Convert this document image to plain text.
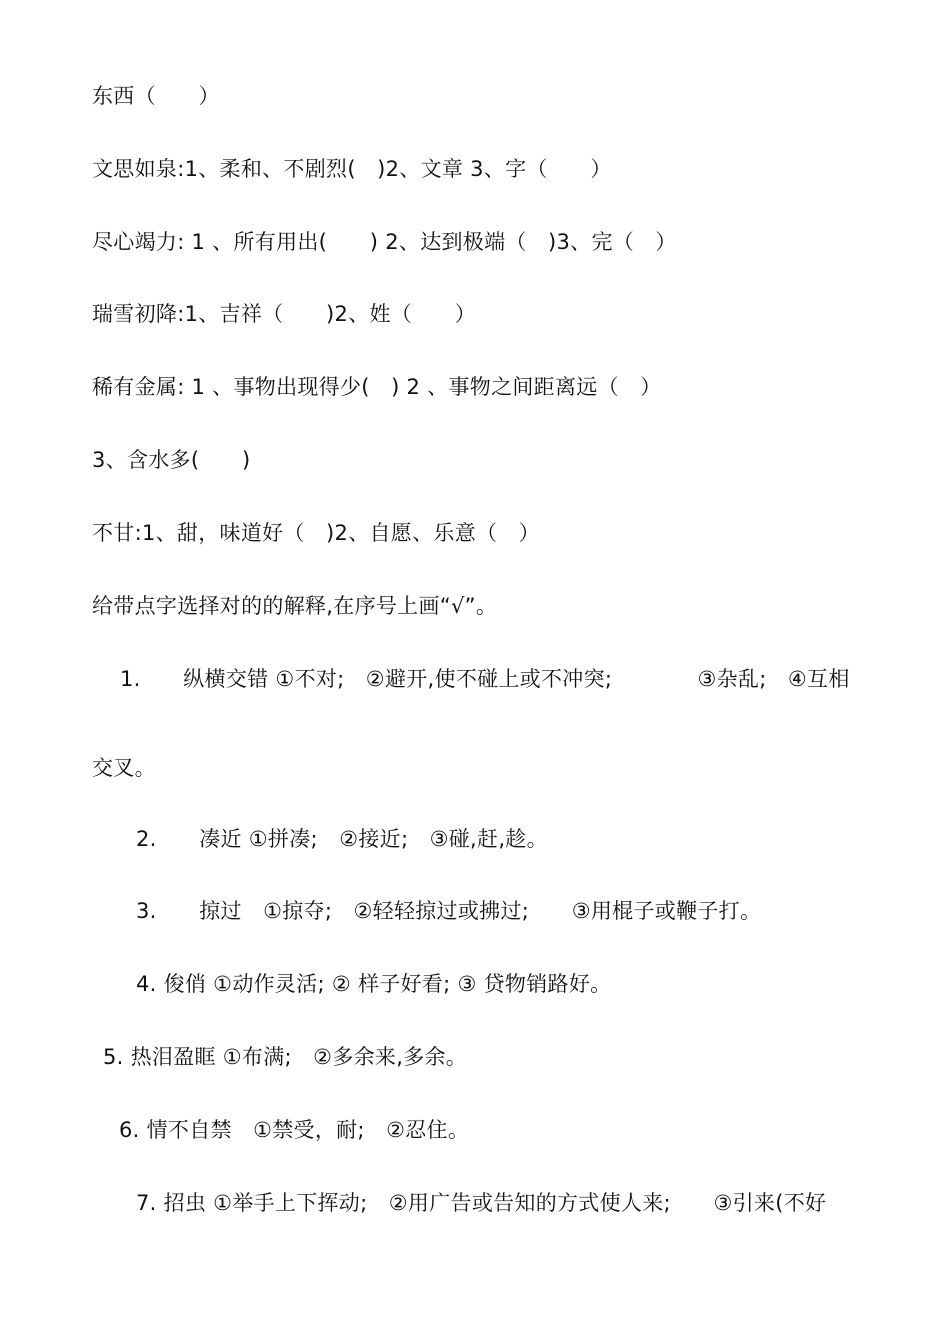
东西（　　）
文思如泉:1、柔和、不剧烈(　)2、文章 3、字（　　）
尽心竭力: 1 、所有用出(　　) 2、达到极端（　)3、完（　）
瑞雪初降:1、吉祥（　　)2、姓（　　）
稀有金属: 1 、事物出现得少(　) 2 、事物之间距离远（　）
3、含水多(　　)
不甘:1、甜，味道好（　)2、自愿、乐意（　）
给带点字选择对的的解释,在序号上画“√”。
1.　　纵横交错 ①不对;　②避开,使不碰上或不冲突;　　　　③杂乱;　④互相
交叉。
2.　　凑近 ①拼凑;　②接近;　③碰,赶,趁。
3.　　掠过　①掠夺;　②轻轻掠过或拂过;　　③用棍子或鞭子打。
4. 俊俏 ①动作灵活; ② 样子好看; ③ 贷物销路好。
5. 热泪盈眶 ①布满;　②多余来,多余。
6. 情不自禁　①禁受，耐;　②忍住。
7. 招虫 ①举手上下挥动;　②用广告或告知的方式使人来;　　③引来(不好
